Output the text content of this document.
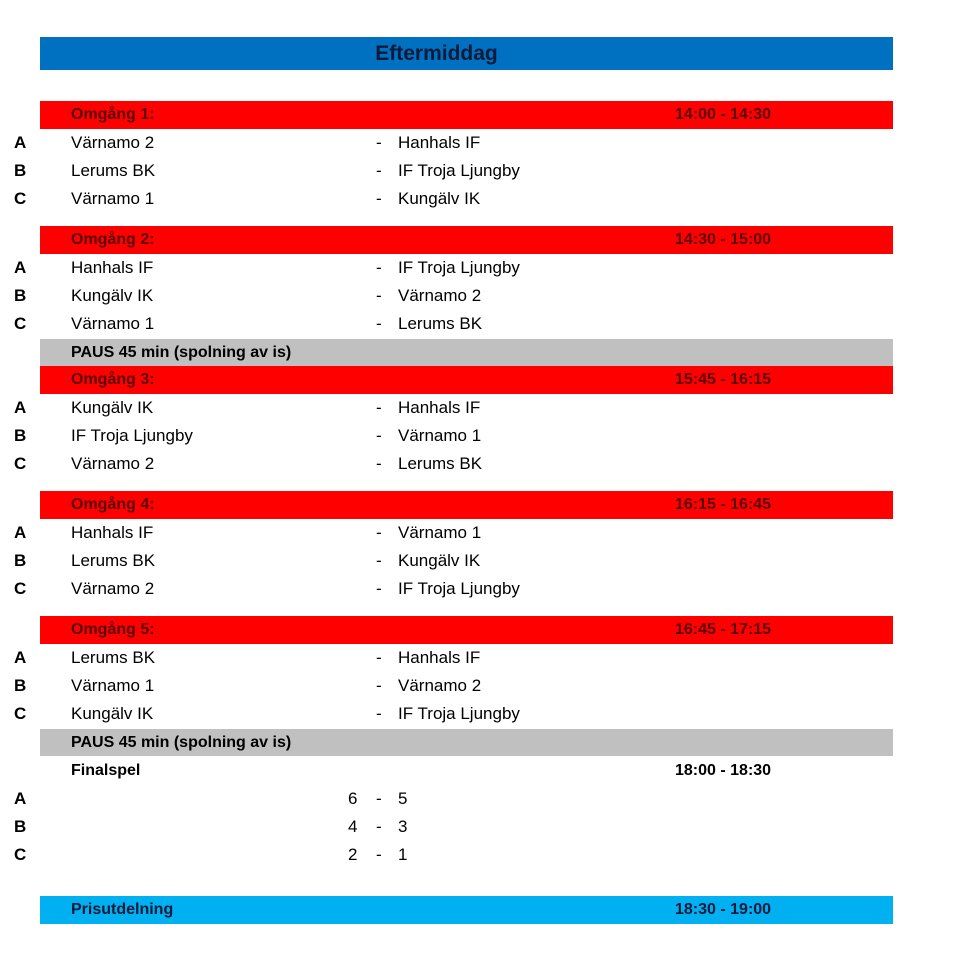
Eftermiddag
Omgång 1:	14:00 - 14:30
A	Värnamo 2	- Hanhals IF
B	Lerums BK	- IF Troja Ljungby
C	Värnamo 1	- Kungälv IK
Omgång 2:	14:30 - 15:00
A	Hanhals IF	- IF Troja Ljungby
B	Kungälv IK	- Värnamo 2
C	Värnamo 1	- Lerums BK
PAUS 45 min (spolning av is)
Omgång 3:	15:45 - 16:15
A	Kungälv IK	- Hanhals IF
B	IF Troja Ljungby	- Värnamo 1
C	Värnamo 2	- Lerums BK
Omgång 4:	16:15 - 16:45
A	Hanhals IF	- Värnamo 1
B	Lerums BK	- Kungälv IK
C	Värnamo 2	- IF Troja Ljungby
Omgång 5:	16:45 - 17:15
A	Lerums BK	- Hanhals IF
B	Värnamo 1	- Värnamo 2
C	Kungälv IK	- IF Troja Ljungby
PAUS 45 min (spolning av is)
Finalspel	18:00 - 18:30
A	6 - 5
B	4 - 3
C	2 - 1
Prisutdelning	18:30 - 19:00
